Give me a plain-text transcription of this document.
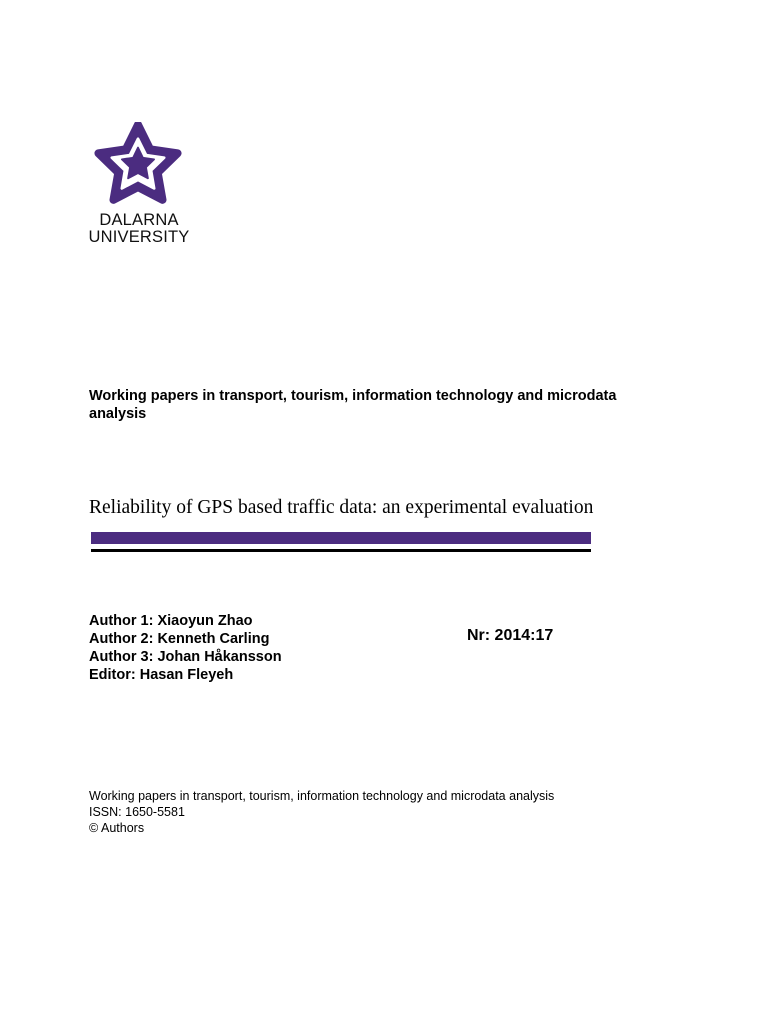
DALARNA
UNIVERSITY
Working papers in transport, tourism, information technology and microdata analysis
Reliability of GPS based traffic data: an experimental evaluation
Author 1: Xiaoyun Zhao
Author 2: Kenneth Carling
Author 3: Johan Håkansson
Editor: Hasan Fleyeh
Nr: 2014:17
Working papers in transport, tourism, information technology and microdata analysis
ISSN: 1650-5581
© Authors
